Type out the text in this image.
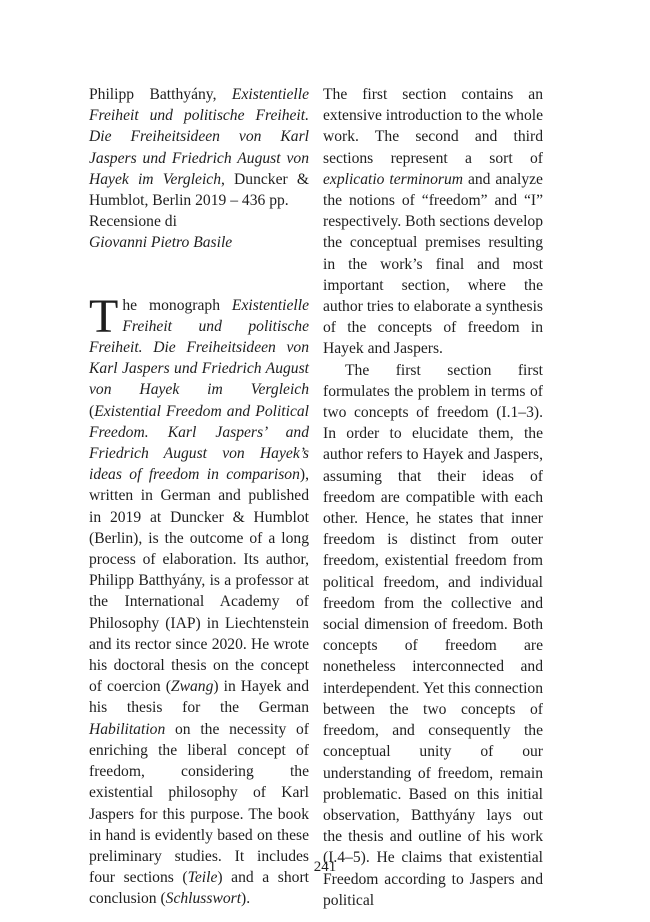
Philipp Batthyány, Existentielle Freiheit und politische Freiheit. Die Freiheitsideen von Karl Jaspers und Friedrich August von Hayek im Vergleich, Duncker & Humblot, Berlin 2019 – 436 pp.

Recensione di
Giovanni Pietro Basile

The monograph Existentielle Freiheit und politische Freiheit. Die Freiheitsideen von Karl Jaspers und Friedrich August von Hayek im Vergleich (Existential Freedom and Political Freedom. Karl Jaspers’ and Friedrich August von Hayek’s ideas of freedom in comparison), written in German and published in 2019 at Duncker & Humblot (Berlin), is the outcome of a long process of elaboration. Its author, Philipp Batthyány, is a professor at the International Academy of Philosophy (IAP) in Liechtenstein and its rector since 2020. He wrote his doctoral thesis on the concept of coercion (Zwang) in Hayek and his thesis for the German Habilitation on the necessity of enriching the liberal concept of freedom, considering the existential philosophy of Karl Jaspers for this purpose. The book in hand is evidently based on these preliminary studies. It includes four sections (Teile) and a short conclusion (Schlusswort).

The first section contains an extensive introduction to the whole work. The second and third sections represent a sort of explicatio terminorum and analyze the notions of “freedom” and “I” respectively. Both sections develop the conceptual premises resulting in the work’s final and most important section, where the author tries to elaborate a synthesis of the concepts of freedom in Hayek and Jaspers.

The first section first formulates the problem in terms of two concepts of freedom (I.1–3). In order to elucidate them, the author refers to Hayek and Jaspers, assuming that their ideas of freedom are compatible with each other. Hence, he states that inner freedom is distinct from outer freedom, existential freedom from political freedom, and individual freedom from the collective and social dimension of freedom. Both concepts of freedom are nonetheless interconnected and interdependent. Yet this connection between the two concepts of freedom, and consequently the conceptual unity of our understanding of freedom, remain problematic. Based on this initial observation, Batthyány lays out the thesis and outline of his work (I.4–5). He claims that existential Freedom according to Jaspers and political

241
